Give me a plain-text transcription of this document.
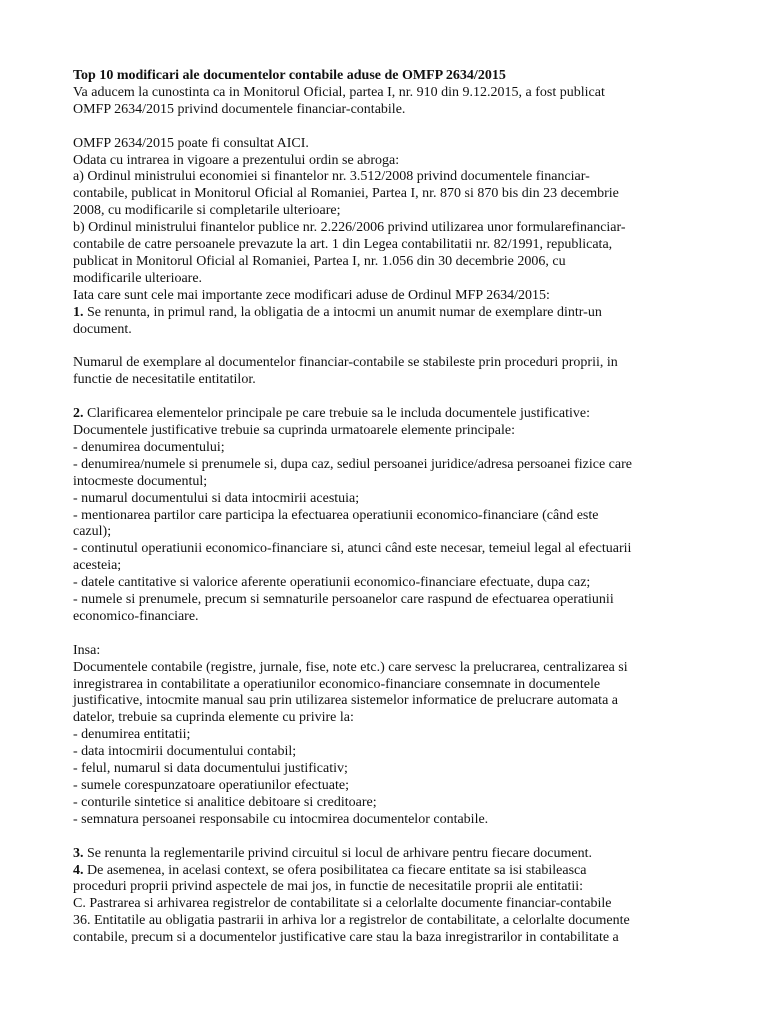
Top 10 modificari ale documentelor contabile aduse de OMFP 2634/2015
Va aducem la cunostinta ca in Monitorul Oficial, partea I, nr. 910 din 9.12.2015, a fost publicat
OMFP 2634/2015 privind documentele financiar-contabile.
OMFP 2634/2015 poate fi consultat AICI.
Odata cu intrarea in vigoare a prezentului ordin se abroga:
a) Ordinul ministrului economiei si finantelor nr. 3.512/2008 privind documentele financiar-
contabile, publicat in Monitorul Oficial al Romaniei, Partea I, nr. 870 si 870 bis din 23 decembrie
2008, cu modificarile si completarile ulterioare;
b) Ordinul ministrului finantelor publice nr. 2.226/2006 privind utilizarea unor formularefinanciar-
contabile de catre persoanele prevazute la art. 1 din Legea contabilitatii nr. 82/1991, republicata,
publicat in Monitorul Oficial al Romaniei, Partea I, nr. 1.056 din 30 decembrie 2006, cu
modificarile ulterioare.
Iata care sunt cele mai importante zece modificari aduse de Ordinul MFP 2634/2015:
1. Se renunta, in primul rand, la obligatia de a intocmi un anumit numar de exemplare dintr-un
document.
Numarul de exemplare al documentelor financiar-contabile se stabileste prin proceduri proprii, in
functie de necesitatile entitatilor.
2. Clarificarea elementelor principale pe care trebuie sa le includa documentele justificative:
Documentele justificative trebuie sa cuprinda urmatoarele elemente principale:
- denumirea documentului;
- denumirea/numele si prenumele si, dupa caz, sediul persoanei juridice/adresa persoanei fizice care
intocmeste documentul;
- numarul documentului si data intocmirii acestuia;
- mentionarea partilor care participa la efectuarea operatiunii economico-financiare (când este
cazul);
- continutul operatiunii economico-financiare si, atunci când este necesar, temeiul legal al efectuarii
acesteia;
- datele cantitative si valorice aferente operatiunii economico-financiare efectuate, dupa caz;
- numele si prenumele, precum si semnaturile persoanelor care raspund de efectuarea operatiunii
economico-financiare.
Insa:
Documentele contabile (registre, jurnale, fise, note etc.) care servesc la prelucrarea, centralizarea si
inregistrarea in contabilitate a operatiunilor economico-financiare consemnate in documentele
justificative, intocmite manual sau prin utilizarea sistemelor informatice de prelucrare automata a
datelor, trebuie sa cuprinda elemente cu privire la:
- denumirea entitatii;
- data intocmirii documentului contabil;
- felul, numarul si data documentului justificativ;
- sumele corespunzatoare operatiunilor efectuate;
- conturile sintetice si analitice debitoare si creditoare;
- semnatura persoanei responsabile cu intocmirea documentelor contabile.
3. Se renunta la reglementarile privind circuitul si locul de arhivare pentru fiecare document.
4. De asemenea, in acelasi context, se ofera posibilitatea ca fiecare entitate sa isi stabileasca
proceduri proprii privind aspectele de mai jos, in functie de necesitatile proprii ale entitatii:
C. Pastrarea si arhivarea registrelor de contabilitate si a celorlalte documente financiar-contabile
36. Entitatile au obligatia pastrarii in arhiva lor a registrelor de contabilitate, a celorlalte documente
contabile, precum si a documentelor justificative care stau la baza inregistrarilor in contabilitate a
